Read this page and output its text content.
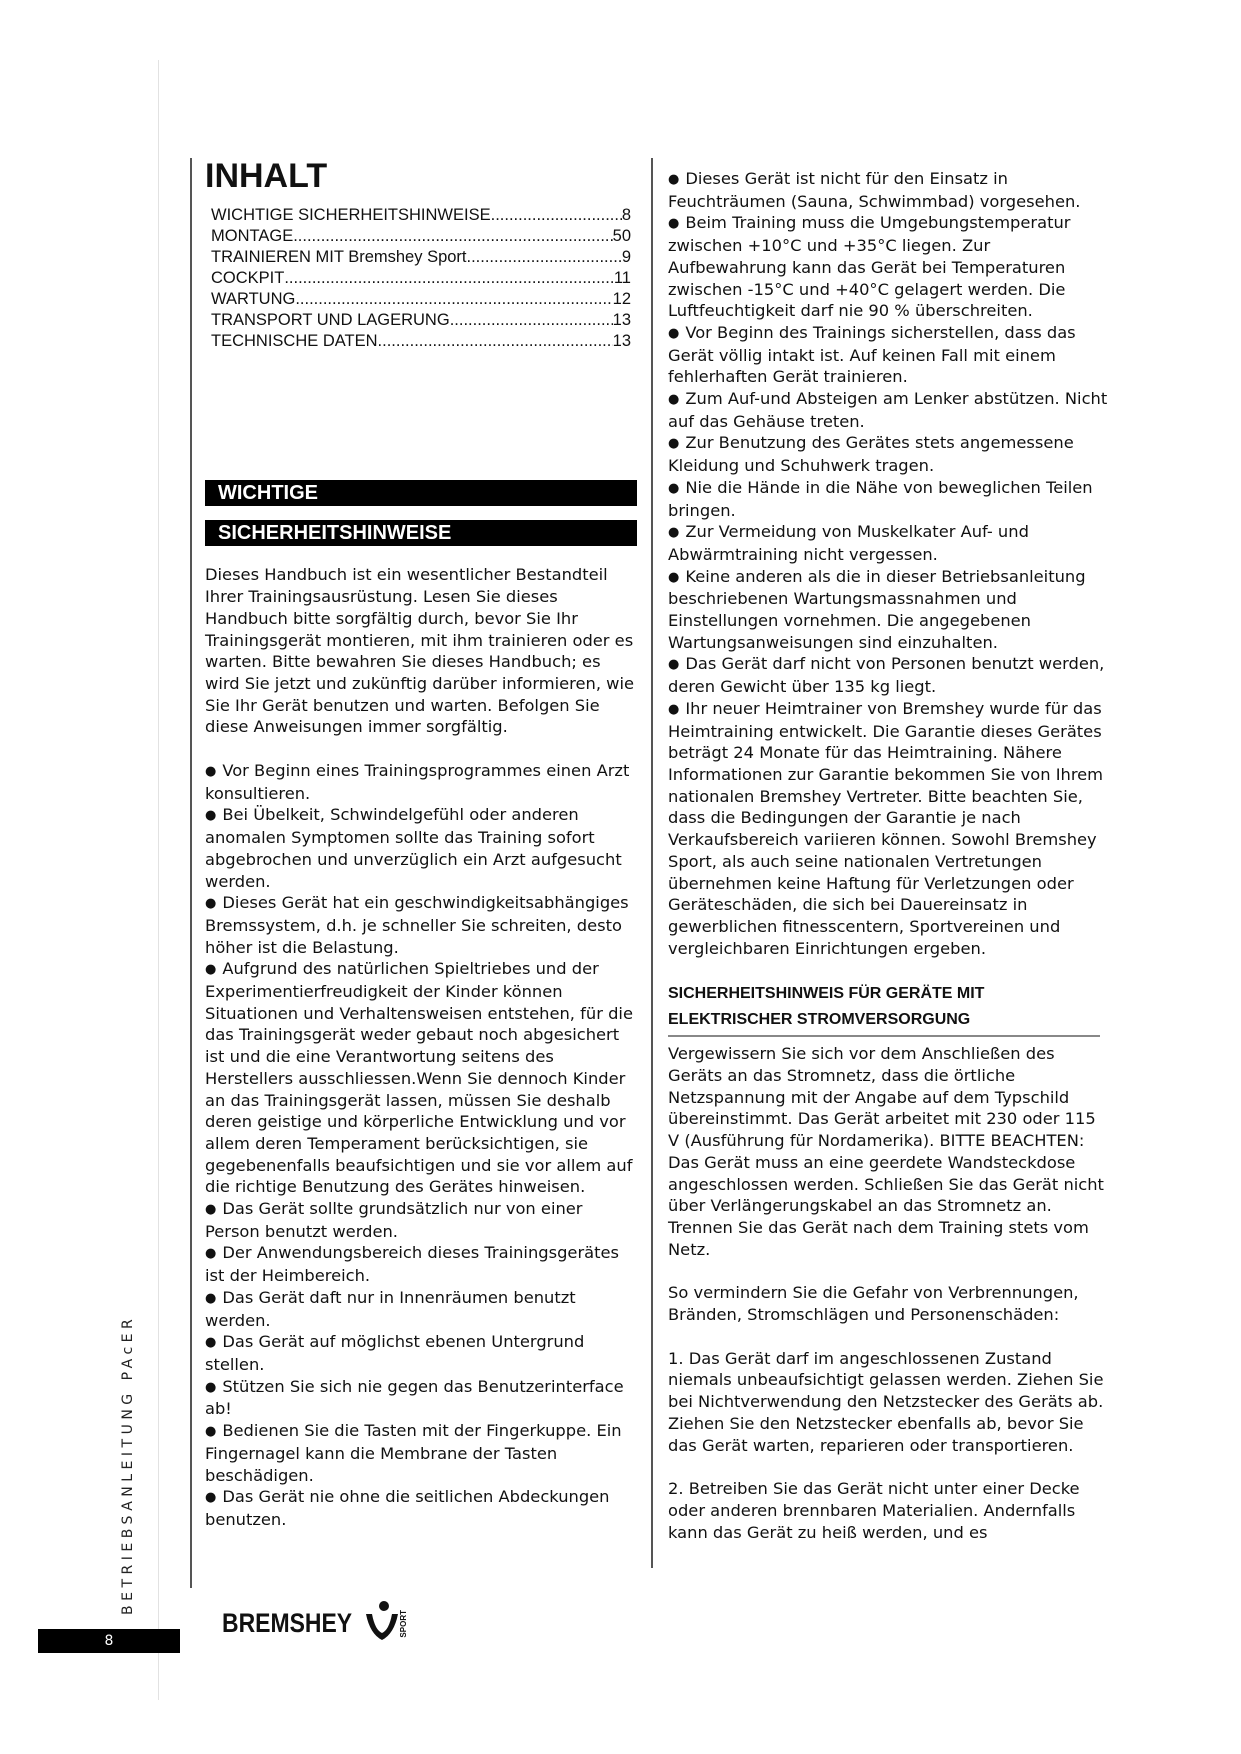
INHALT
WICHTIGE SICHERHEITSHINWEISE .....	8
MONTAGE .....	50
TRAINIEREN MIT Bremshey Sport .....	9
COCKPIT .....	11
WARTUNG .....	12
TRANSPORT UND LAGERUNG .....	13
TECHNISCHE DATEN .....	13
WICHTIGE
SICHERHEITSHINWEISE

Dieses Handbuch ist ein wesentlicher Bestandteil Ihrer Trainingsausrüstung. Lesen Sie dieses Handbuch bitte sorgfältig durch, bevor Sie Ihr Trainingsgerät montieren, mit ihm trainieren oder es warten. Bitte bewahren Sie dieses Handbuch; es wird Sie jetzt und zukünftig darüber informieren, wie Sie Ihr Gerät benutzen und warten. Befolgen Sie diese Anweisungen immer sorgfältig.

● Vor Beginn eines Trainingsprogrammes einen Arzt konsultieren.
● Bei Übelkeit, Schwindelgefühl oder anderen anomalen Symptomen sollte das Training sofort abgebrochen und unverzüglich ein Arzt aufgesucht werden.
● Dieses Gerät hat ein geschwindigkeitsabhängiges Bremssystem, d.h. je schneller Sie schreiten, desto höher ist die Belastung.
● Aufgrund des natürlichen Spieltriebes und der Experimentierfreudigkeit der Kinder können Situationen und Verhaltensweisen entstehen, für die das Trainingsgerät weder gebaut noch abgesichert ist und die eine Verantwortung seitens des Herstellers ausschliessen.Wenn Sie dennoch Kinder an das Trainingsgerät lassen, müssen Sie deshalb deren geistige und körperliche Entwicklung und vor allem deren Temperament berücksichtigen, sie gegebenenfalls beaufsichtigen und sie vor allem auf die richtige Benutzung des Gerätes hinweisen.
● Das Gerät sollte grundsätzlich nur von einer Person benutzt werden.
● Der Anwendungsbereich dieses Trainingsgerätes ist der Heimbereich.
● Das Gerät daft nur in Innenräumen benutzt werden.
● Das Gerät auf möglichst ebenen Untergrund stellen.
● Stützen Sie sich nie gegen das Benutzerinterface ab!
● Bedienen Sie die Tasten mit der Fingerkuppe. Ein Fingernagel kann die Membrane der Tasten beschädigen.
● Das Gerät nie ohne die seitlichen Abdeckungen benutzen.
● Dieses Gerät ist nicht für den Einsatz in Feuchträumen (Sauna, Schwimmbad) vorgesehen.
● Beim Training muss die Umgebungstemperatur zwischen +10°C und +35°C liegen. Zur Aufbewahrung kann das Gerät bei Temperaturen zwischen -15°C und +40°C gelagert werden. Die Luftfeuchtigkeit darf nie 90 % überschreiten.
● Vor Beginn des Trainings sicherstellen, dass das Gerät völlig intakt ist. Auf keinen Fall mit einem fehlerhaften Gerät trainieren.
● Zum Auf-und Absteigen am Lenker abstützen. Nicht auf das Gehäuse treten.
● Zur Benutzung des Gerätes stets angemessene Kleidung und Schuhwerk tragen.
● Nie die Hände in die Nähe von beweglichen Teilen bringen.
● Zur Vermeidung von Muskelkater Auf- und Abwärmtraining nicht vergessen.
● Keine anderen als die in dieser Betriebsanleitung beschriebenen Wartungsmassnahmen und Einstellungen vornehmen. Die angegebenen Wartungsanweisungen sind einzuhalten.
● Das Gerät darf nicht von Personen benutzt werden, deren Gewicht über 135 kg liegt.
● Ihr neuer Heimtrainer von Bremshey wurde für das Heimtraining entwickelt. Die Garantie dieses Gerätes beträgt 24 Monate für das Heimtraining. Nähere Informationen zur Garantie bekommen Sie von Ihrem nationalen Bremshey Vertreter. Bitte beachten Sie, dass die Bedingungen der Garantie je nach Verkaufsbereich variieren können. Sowohl Bremshey Sport, als auch seine nationalen Vertretungen übernehmen keine Haftung für Verletzungen oder Geräteschäden, die sich bei Dauereinsatz in gewerblichen fitnesscentern, Sportvereinen und vergleichbaren Einrichtungen ergeben.
SICHERHEITSHINWEIS FÜR GERÄTE MIT
ELEKTRISCHER STROMVERSORGUNG

Vergewissern Sie sich vor dem Anschließen des Geräts an das Stromnetz, dass die örtliche Netzspannung mit der Angabe auf dem Typschild übereinstimmt. Das Gerät arbeitet mit 230 oder 115 V (Ausführung für Nordamerika). BITTE BEACHTEN: Das Gerät muss an eine geerdete Wandsteckdose angeschlossen werden. Schließen Sie das Gerät nicht über Verlängerungskabel an das Stromnetz an. Trennen Sie das Gerät nach dem Training stets vom Netz.

So vermindern Sie die Gefahr von Verbrennungen, Bränden, Stromschlägen und Personenschäden:

1. Das Gerät darf im angeschlossenen Zustand niemals unbeaufsichtigt gelassen werden. Ziehen Sie bei Nichtverwendung den Netzstecker des Geräts ab. Ziehen Sie den Netzstecker ebenfalls ab, bevor Sie das Gerät warten, reparieren oder transportieren.

2. Betreiben Sie das Gerät nicht unter einer Decke oder anderen brennbaren Materialien. Andernfalls kann das Gerät zu heiß werden, und es

BETRIEBSANLEITUNG PAcER
8
BREMSHEY	SPORT
